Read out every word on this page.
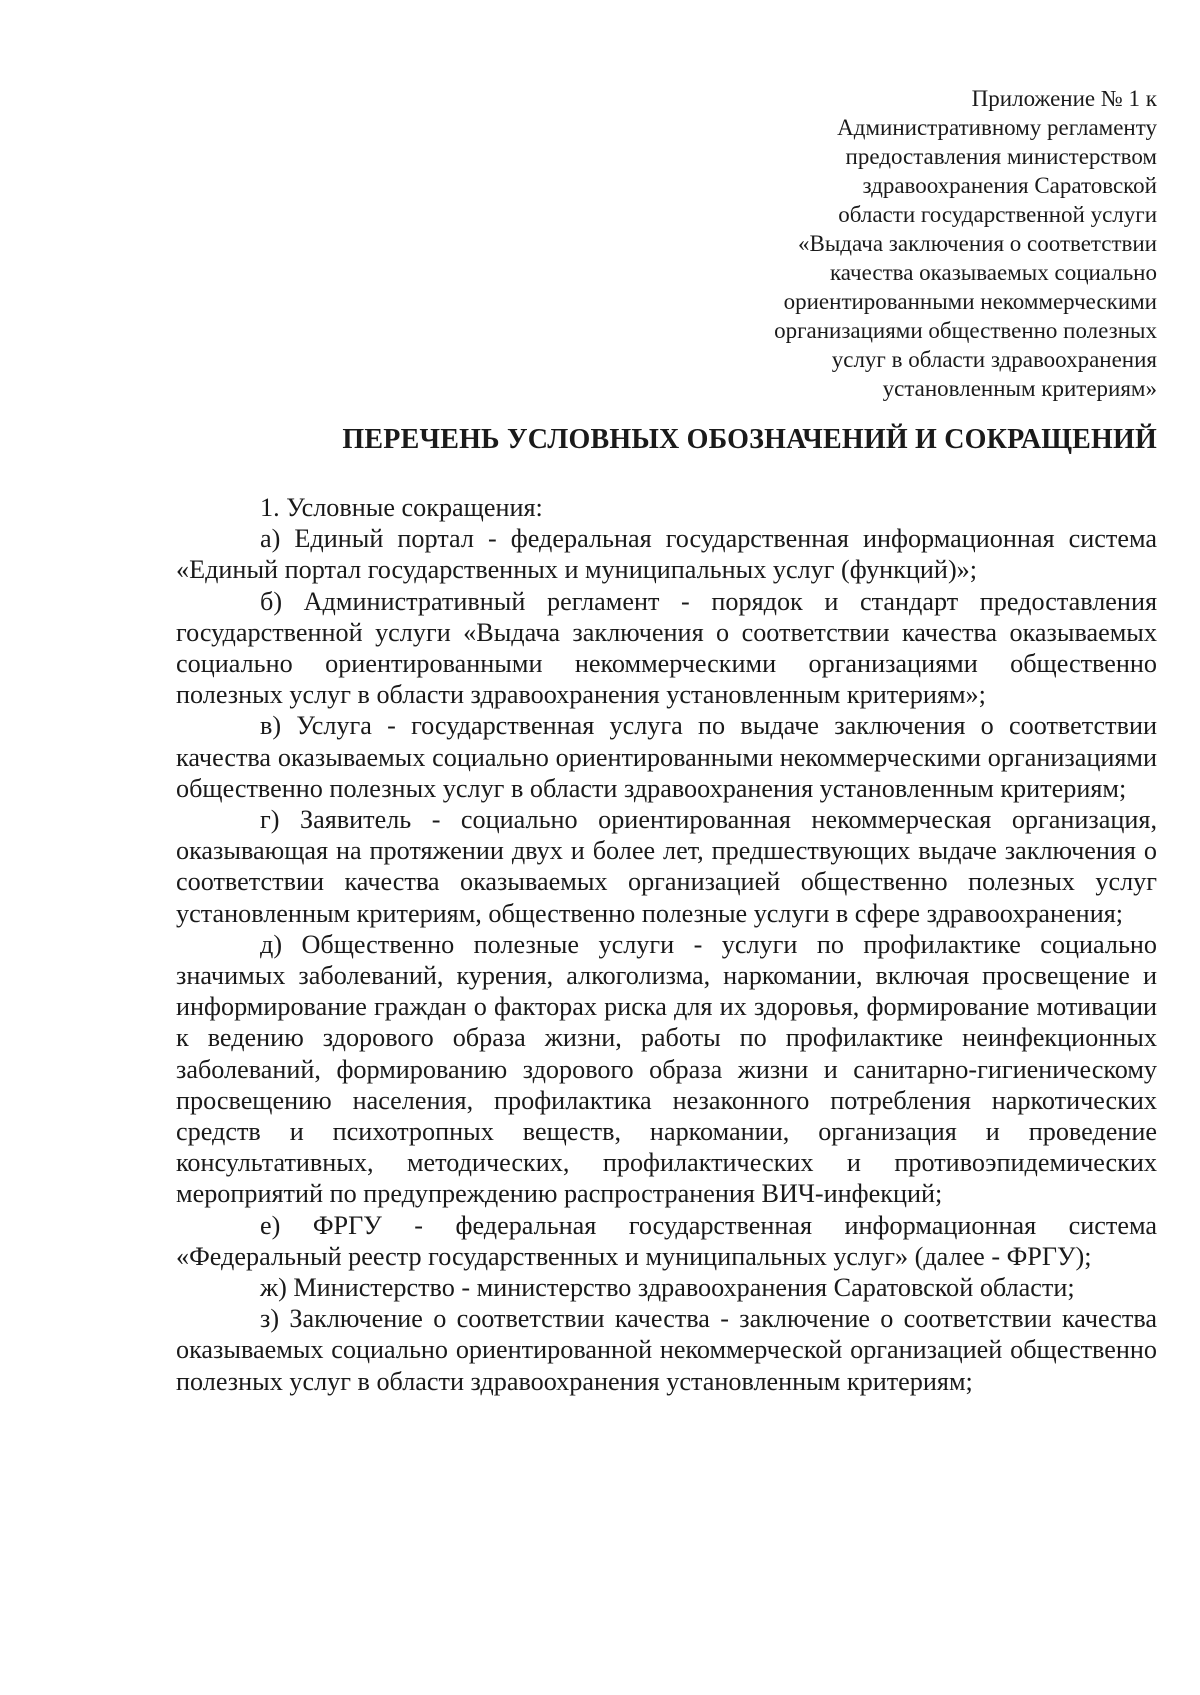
Приложение № 1 к
Административному регламенту
предоставления министерством
здравоохранения Саратовской
области государственной услуги
«Выдача заключения о соответствии
качества оказываемых социально
ориентированными некоммерческими
организациями общественно полезных
услуг в области здравоохранения
установленным критериям»
ПЕРЕЧЕНЬ УСЛОВНЫХ ОБОЗНАЧЕНИЙ И СОКРАЩЕНИЙ

1. Условные сокращения:

а) Единый портал - федеральная государственная информационная система «Единый портал государственных и муниципальных услуг (функций)»;

б) Административный регламент - порядок и стандарт предоставления государственной услуги «Выдача заключения о соответствии качества оказываемых социально ориентированными некоммерческими организациями общественно полезных услуг в области здравоохранения установленным критериям»;

в) Услуга - государственная услуга по выдаче заключения о соответствии качества оказываемых социально ориентированными некоммерческими организациями общественно полезных услуг в области здравоохранения установленным критериям;

г) Заявитель - социально ориентированная некоммерческая организация, оказывающая на протяжении двух и более лет, предшествующих выдаче заключения о соответствии качества оказываемых организацией общественно полезных услуг установленным критериям, общественно полезные услуги в сфере здравоохранения;

д) Общественно полезные услуги - услуги по профилактике социально значимых заболеваний, курения, алкоголизма, наркомании, включая просвещение и информирование граждан о факторах риска для их здоровья, формирование мотивации к ведению здорового образа жизни, работы по профилактике неинфекционных заболеваний, формированию здорового образа жизни и санитарно-гигиеническому просвещению населения, профилактика незаконного потребления наркотических средств и психотропных веществ, наркомании, организация и проведение консультативных, методических, профилактических и противоэпидемических мероприятий по предупреждению распространения ВИЧ-инфекций;

е) ФРГУ - федеральная государственная информационная система «Федеральный реестр государственных и муниципальных услуг» (далее - ФРГУ);

ж) Министерство - министерство здравоохранения Саратовской области;

з) Заключение о соответствии качества - заключение о соответствии качества оказываемых социально ориентированной некоммерческой организацией общественно полезных услуг в области здравоохранения установленным критериям;
